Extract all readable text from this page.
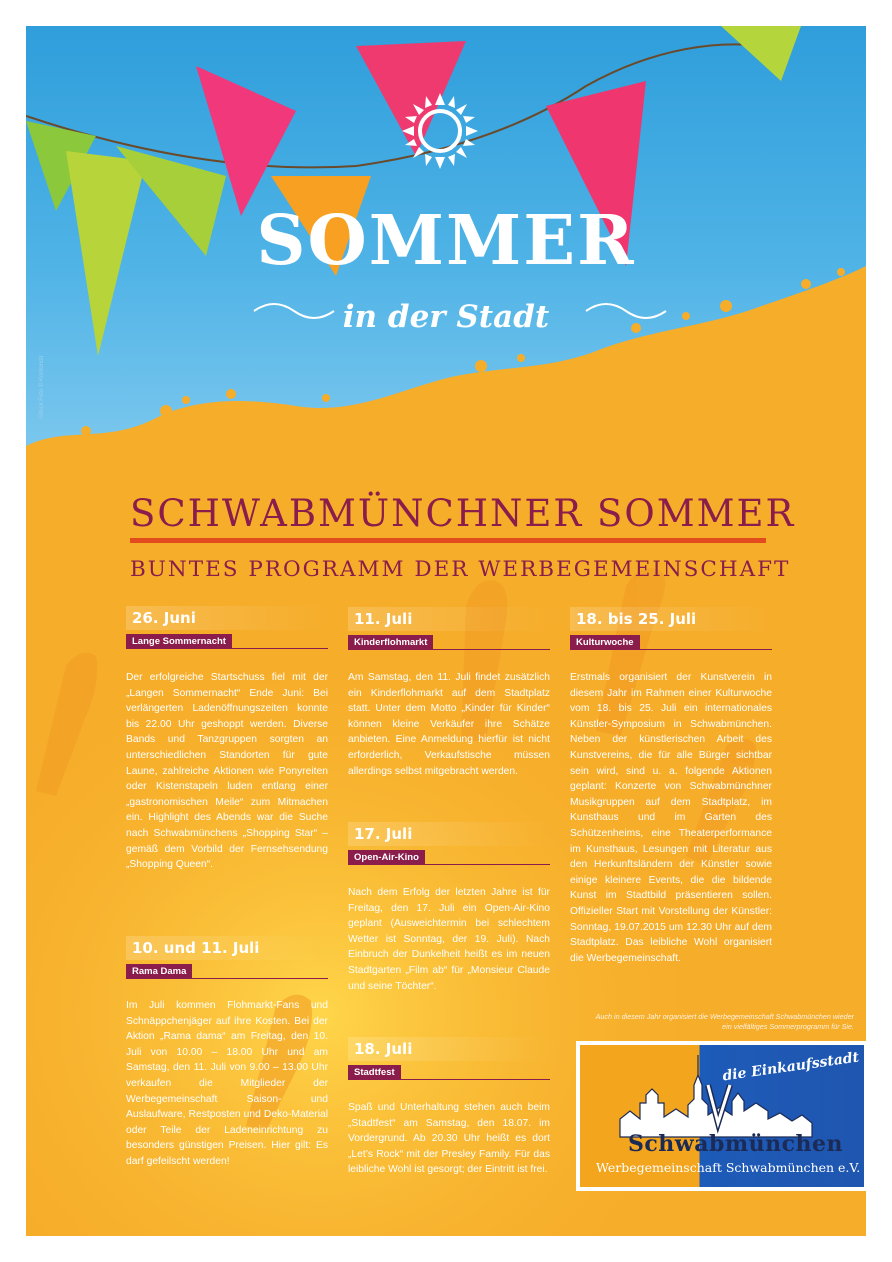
iStock Foto © Kontonstr
SOMMER
in der Stadt
SCHWABMÜNCHNER SOMMER
BUNTES PROGRAMM DER WERBEGEMEINSCHAFT
26. Juni
Lange Sommernacht
Der erfolgreiche Startschuss fiel mit der „Langen Sommernacht“ Ende Juni: Bei verlängerten Ladenöffnungszeiten konnte bis 22.00 Uhr geshoppt werden. Diverse Bands und Tanzgruppen sorgten an unterschiedlichen Standorten für gute Laune, zahlreiche Aktionen wie Ponyreiten oder Kistenstapeln luden entlang einer „gastronomischen Meile“ zum Mitmachen ein. Highlight des Abends war die Suche nach Schwabmünchens „Shopping Star“ – gemäß dem Vorbild der Fernsehsendung „Shopping Queen“.
10. und 11. Juli
Rama Dama
Im Juli kommen Flohmarkt-Fans und Schnäppchenjäger auf ihre Kosten. Bei der Aktion „Rama dama“ am Freitag, den 10. Juli von 10.00 – 18.00 Uhr und am Samstag, den 11. Juli von 9.00 – 13.00 Uhr verkaufen die Mitglieder der Werbegemeinschaft Saison- und Auslaufware, Restposten und Deko-Material oder Teile der Ladeneinrichtung zu besonders günstigen Preisen. Hier gilt: Es darf gefeilscht werden!
11. Juli
Kinderflohmarkt
Am Samstag, den 11. Juli findet zusätzlich ein Kinderflohmarkt auf dem Stadtplatz statt. Unter dem Motto „Kinder für Kinder“ können kleine Verkäufer ihre Schätze anbieten. Eine Anmeldung hierfür ist nicht erforderlich, Verkaufstische müssen allerdings selbst mitgebracht werden.
17. Juli
Open-Air-Kino
Nach dem Erfolg der letzten Jahre ist für Freitag, den 17. Juli ein Open-Air-Kino geplant (Ausweichtermin bei schlechtem Wetter ist Sonntag, der 19. Juli). Nach Einbruch der Dunkelheit heißt es im neuen Stadtgarten „Film ab“ für „Monsieur Claude und seine Töchter“.
18. Juli
Stadtfest
Spaß und Unterhaltung stehen auch beim „Stadtfest“ am Samstag, den 18.07. im Vordergrund. Ab 20.30 Uhr heißt es dort „Let’s Rock“ mit der Presley Family. Für das leibliche Wohl ist gesorgt; der Eintritt ist frei.
18. bis 25. Juli
Kulturwoche
Erstmals organisiert der Kunstverein in diesem Jahr im Rahmen einer Kulturwoche vom 18. bis 25. Juli ein internationales Künstler-Symposium in Schwabmünchen. Neben der künstlerischen Arbeit des Kunstvereins, die für alle Bürger sichtbar sein wird, sind u. a. folgende Aktionen geplant: Konzerte von Schwabmünchner Musikgruppen auf dem Stadtplatz, im Kunsthaus und im Garten des Schützenheims, eine Theaterperformance im Kunsthaus, Lesungen mit Literatur aus den Herkunftsländern der Künstler sowie einige kleinere Events, die die bildende Kunst im Stadtbild präsentieren sollen. Offizieller Start mit Vorstellung der Künstler: Sonntag, 19.07.2015 um 12.30 Uhr auf dem Stadtplatz. Das leibliche Wohl organisiert die Werbegemeinschaft.
Auch in diesem Jahr organisiert die Werbegemeinschaft Schwabmünchen wieder ein vielfältiges Sommerprogramm für Sie.
die Einkaufsstadt
Schwabmünchen
Werbegemeinschaft Schwabmünchen e.V.
